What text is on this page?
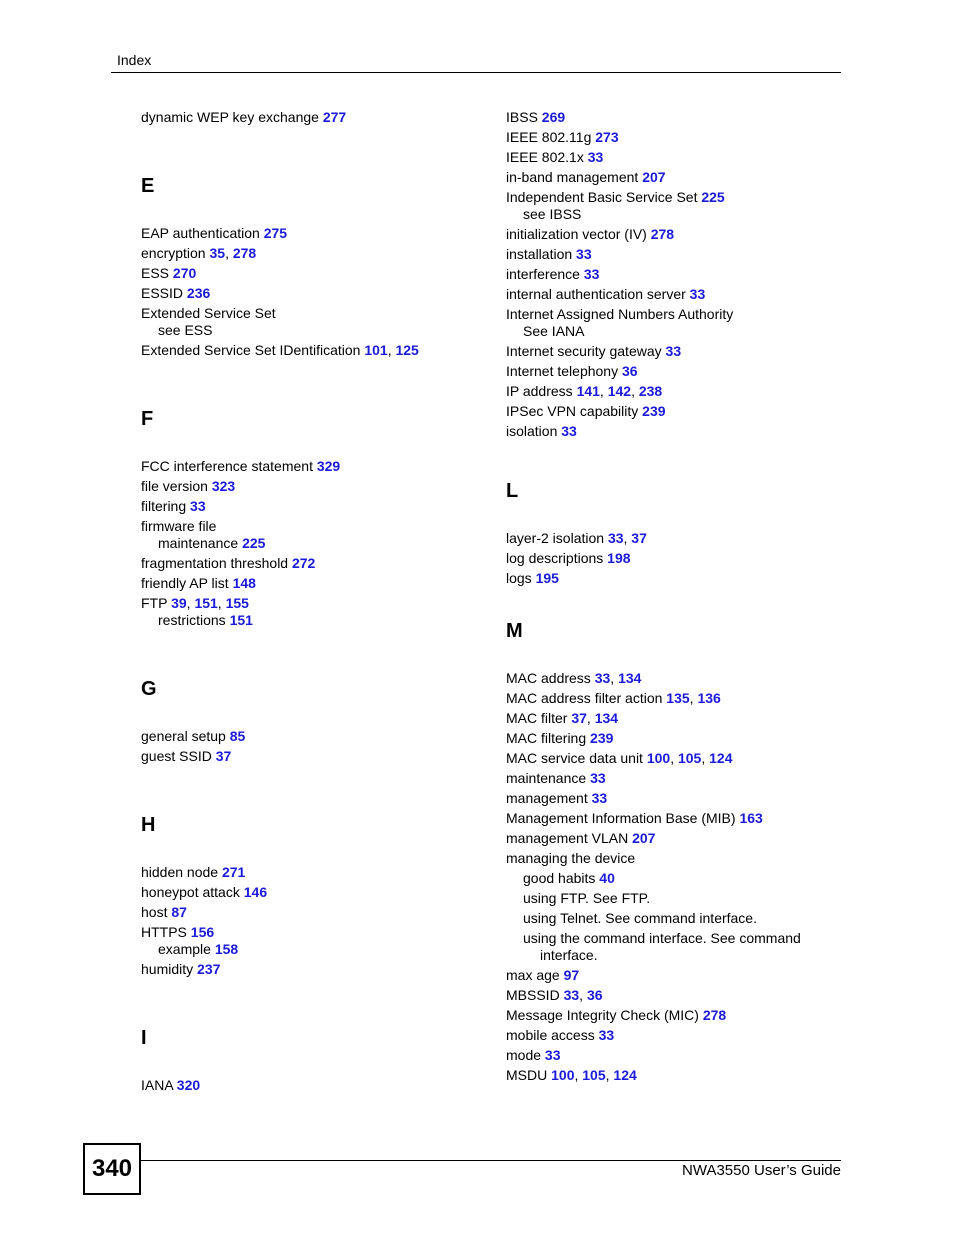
Index
dynamic WEP key exchange 277
E
EAP authentication 275
encryption 35, 278
ESS 270
ESSID 236
Extended Service Set
see ESS
Extended Service Set IDentification 101, 125
F
FCC interference statement 329
file version 323
filtering 33
firmware file
maintenance 225
fragmentation threshold 272
friendly AP list 148
FTP 39, 151, 155
restrictions 151
G
general setup 85
guest SSID 37
H
hidden node 271
honeypot attack 146
host 87
HTTPS 156
example 158
humidity 237
I
IANA 320
IBSS 269
IEEE 802.11g 273
IEEE 802.1x 33
in-band management 207
Independent Basic Service Set 225
see IBSS
initialization vector (IV) 278
installation 33
interference 33
internal authentication server 33
Internet Assigned Numbers Authority
See IANA
Internet security gateway 33
Internet telephony 36
IP address 141, 142, 238
IPSec VPN capability 239
isolation 33
L
layer-2 isolation 33, 37
log descriptions 198
logs 195
M
MAC address 33, 134
MAC address filter action 135, 136
MAC filter 37, 134
MAC filtering 239
MAC service data unit 100, 105, 124
maintenance 33
management 33
Management Information Base (MIB) 163
management VLAN 207
managing the device
good habits 40
using FTP. See FTP.
using Telnet. See command interface.
using the command interface. See command
interface.
max age 97
MBSSID 33, 36
Message Integrity Check (MIC) 278
mobile access 33
mode 33
MSDU 100, 105, 124
340	NWA3550 User’s Guide
